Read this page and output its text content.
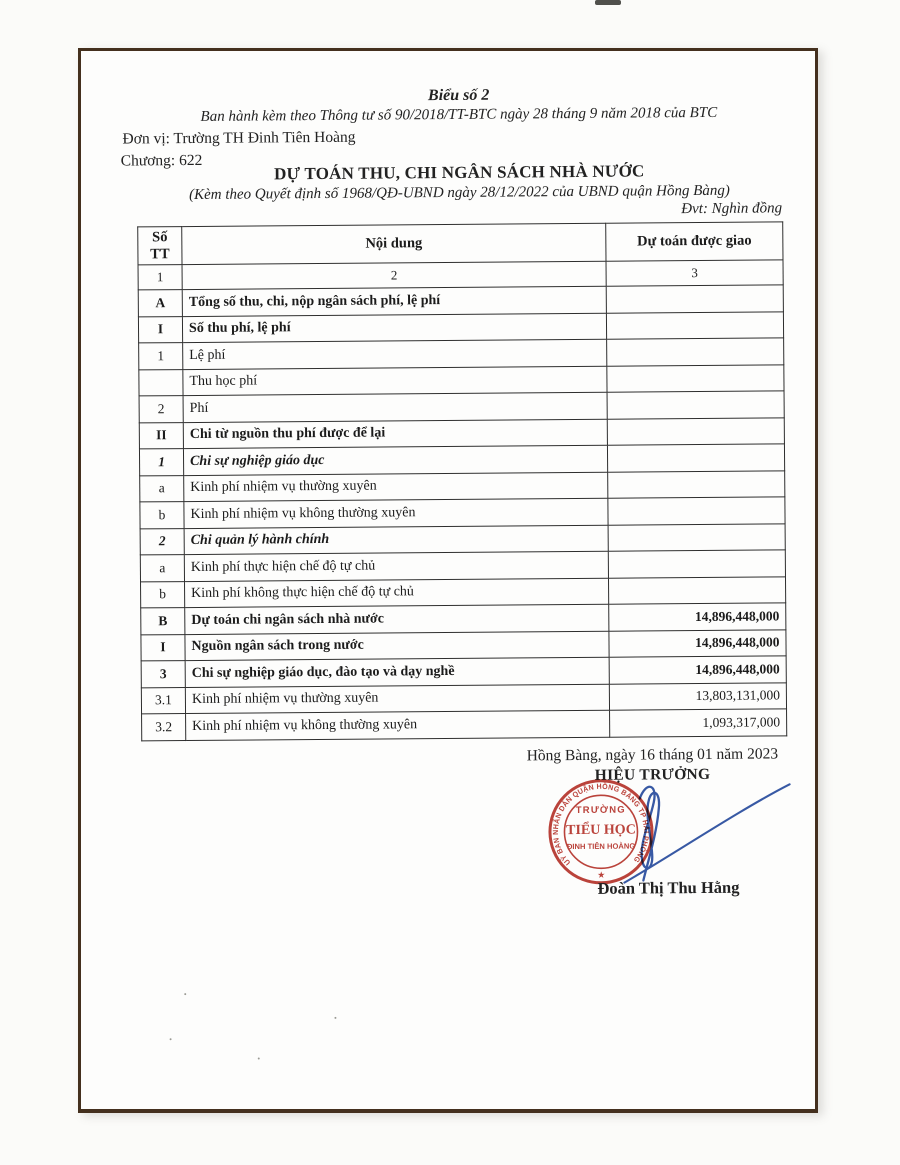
Biểu số 2
Ban hành kèm theo Thông tư số 90/2018/TT-BTC ngày 28 tháng 9 năm 2018 của BTC
Đơn vị: Trường TH Đinh Tiên Hoàng
Chương: 622
DỰ TOÁN THU, CHI NGÂN SÁCH NHÀ NƯỚC
(Kèm theo Quyết định số 1968/QĐ-UBND ngày 28/12/2022 của UBND quận Hồng Bàng)
Đvt: Nghìn đồng
Số
TT	Nội dung	Dự toán được giao
1	2	3
A	Tổng số thu, chi, nộp ngân sách phí, lệ phí	
I	Số thu phí, lệ phí	
1	Lệ phí	
	Thu học phí	
2	Phí	
II	Chi từ nguồn thu phí được để lại	
1	Chi sự nghiệp giáo dục	
a	Kinh phí nhiệm vụ thường xuyên	
b	Kinh phí nhiệm vụ không thường xuyên	
2	Chi quản lý hành chính	
a	Kinh phí thực hiện chế độ tự chủ	
b	Kinh phí không thực hiện chế độ tự chủ	
B	Dự toán chi ngân sách nhà nước	14,896,448,000
I	Nguồn ngân sách trong nước	14,896,448,000
3	Chi sự nghiệp giáo dục, đào tạo và dạy nghề	14,896,448,000
3.1	Kinh phí nhiệm vụ thường xuyên	13,803,131,000
3.2	Kinh phí nhiệm vụ không thường xuyên	1,093,317,000
Hồng Bàng, ngày 16 tháng 01 năm 2023
HIỆU TRƯỞNG
UỶ BAN NHÂN DÂN QUẬN HỒNG BÀNG TP HẢI PHÒNG
★
TRƯỜNG
TIỂU HỌC
ĐINH TIÊN HOÀNG
Đoàn Thị Thu Hằng
